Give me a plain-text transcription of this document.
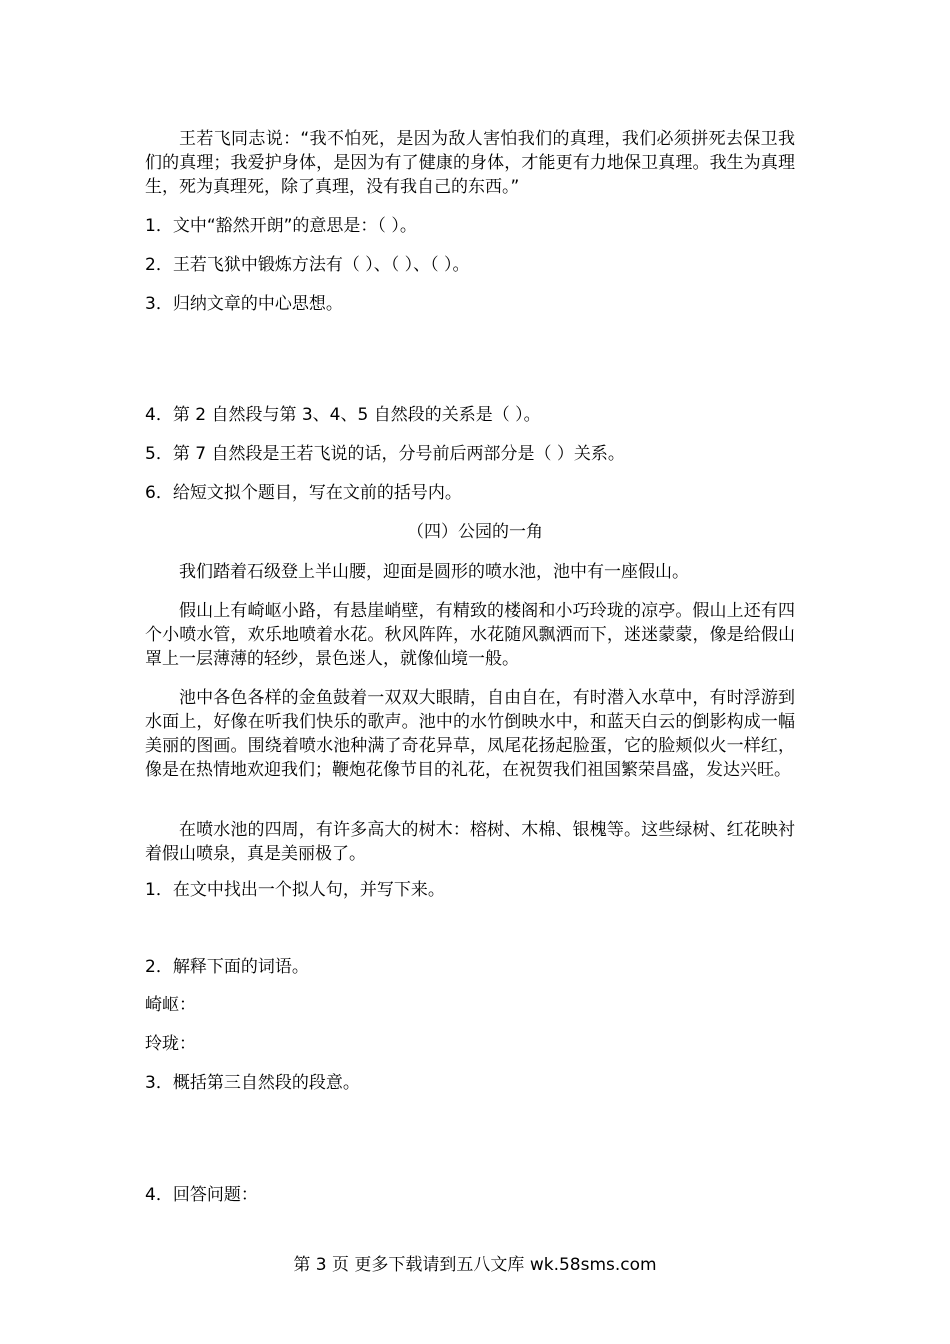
王若飞同志说：“我不怕死，是因为敌人害怕我们的真理，我们必须拼死去保卫我们的真理；我爱护身体，是因为有了健康的身体，才能更有力地保卫真理。我生为真理生，死为真理死，除了真理，没有我自己的东西。”
1．文中“豁然开朗”的意思是：（ ）。
2．王若飞狱中锻炼方法有（ ）、（ ）、（ ）。
3．归纳文章的中心思想。
4．第 2 自然段与第 3、4、5 自然段的关系是（ ）。
5．第 7 自然段是王若飞说的话，分号前后两部分是（ ）关系。
6．给短文拟个题目，写在文前的括号内。
（四）公园的一角
我们踏着石级登上半山腰，迎面是圆形的喷水池，池中有一座假山。
假山上有崎岖小路，有悬崖峭壁，有精致的楼阁和小巧玲珑的凉亭。假山上还有四个小喷水管，欢乐地喷着水花。秋风阵阵，水花随风飘洒而下，迷迷蒙蒙，像是给假山罩上一层薄薄的轻纱，景色迷人，就像仙境一般。
池中各色各样的金鱼鼓着一双双大眼睛，自由自在，有时潜入水草中，有时浮游到水面上，好像在听我们快乐的歌声。池中的水竹倒映水中，和蓝天白云的倒影构成一幅美丽的图画。围绕着喷水池种满了奇花异草，凤尾花扬起脸蛋，它的脸颊似火一样红，像是在热情地欢迎我们；鞭炮花像节目的礼花，在祝贺我们祖国繁荣昌盛，发达兴旺。
在喷水池的四周，有许多高大的树木：榕树、木棉、银槐等。这些绿树、红花映衬着假山喷泉，真是美丽极了。
1．在文中找出一个拟人句，并写下来。
2．解释下面的词语。
崎岖：
玲珑：
3．概括第三自然段的段意。
4．回答问题：
第 3 页 更多下载请到五八文库 wk.58sms.com
